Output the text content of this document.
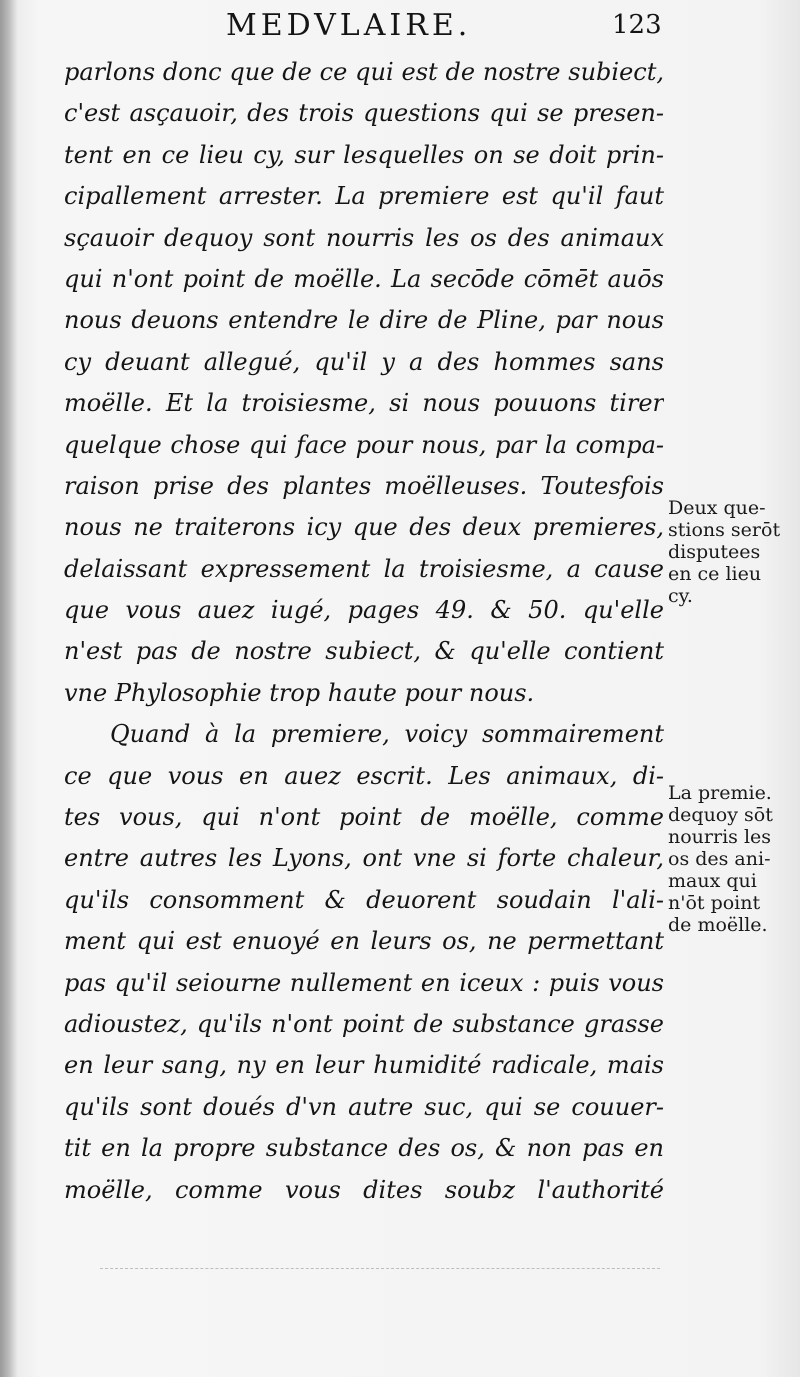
MEDVLAIRE.	123
parlons donc que de ce qui est de nostre subiect,
c'est asçauoir, des trois questions qui se presen-
tent en ce lieu cy, sur lesquelles on se doit prin-
cipallement arrester. La premiere est qu'il faut
sçauoir dequoy sont nourris les os des animaux
qui n'ont point de moëlle. La secōde cōmēt auōs
nous deuons entendre le dire de Pline, par nous
cy deuant allegué, qu'il y a des hommes sans
moëlle. Et la troisiesme, si nous pouuons tirer
quelque chose qui face pour nous, par la compa-
raison prise des plantes moëlleuses. Toutesfois
nous ne traiterons icy que des deux premieres,
delaissant expressement la troisiesme, a cause
que vous auez iugé, pages 49. & 50. qu'elle
n'est pas de nostre subiect, & qu'elle contient
vne Phylosophie trop haute pour nous.
Quand à la premiere, voicy sommairement
ce que vous en auez escrit. Les animaux, di-
tes vous, qui n'ont point de moëlle, comme
entre autres les Lyons, ont vne si forte chaleur,
qu'ils consomment & deuorent soudain l'ali-
ment qui est enuoyé en leurs os, ne permettant
pas qu'il seiourne nullement en iceux : puis vous
adioustez, qu'ils n'ont point de substance grasse
en leur sang, ny en leur humidité radicale, mais
qu'ils sont doués d'vn autre suc, qui se couuer-
tit en la propre substance des os, & non pas en
moëlle, comme vous dites soubz l'authorité
Deux que-
stions serōt
disputees
en ce lieu
cy.
La premie.
dequoy sōt
nourris les
os des ani-
maux qui
n'ōt point
de moëlle.
